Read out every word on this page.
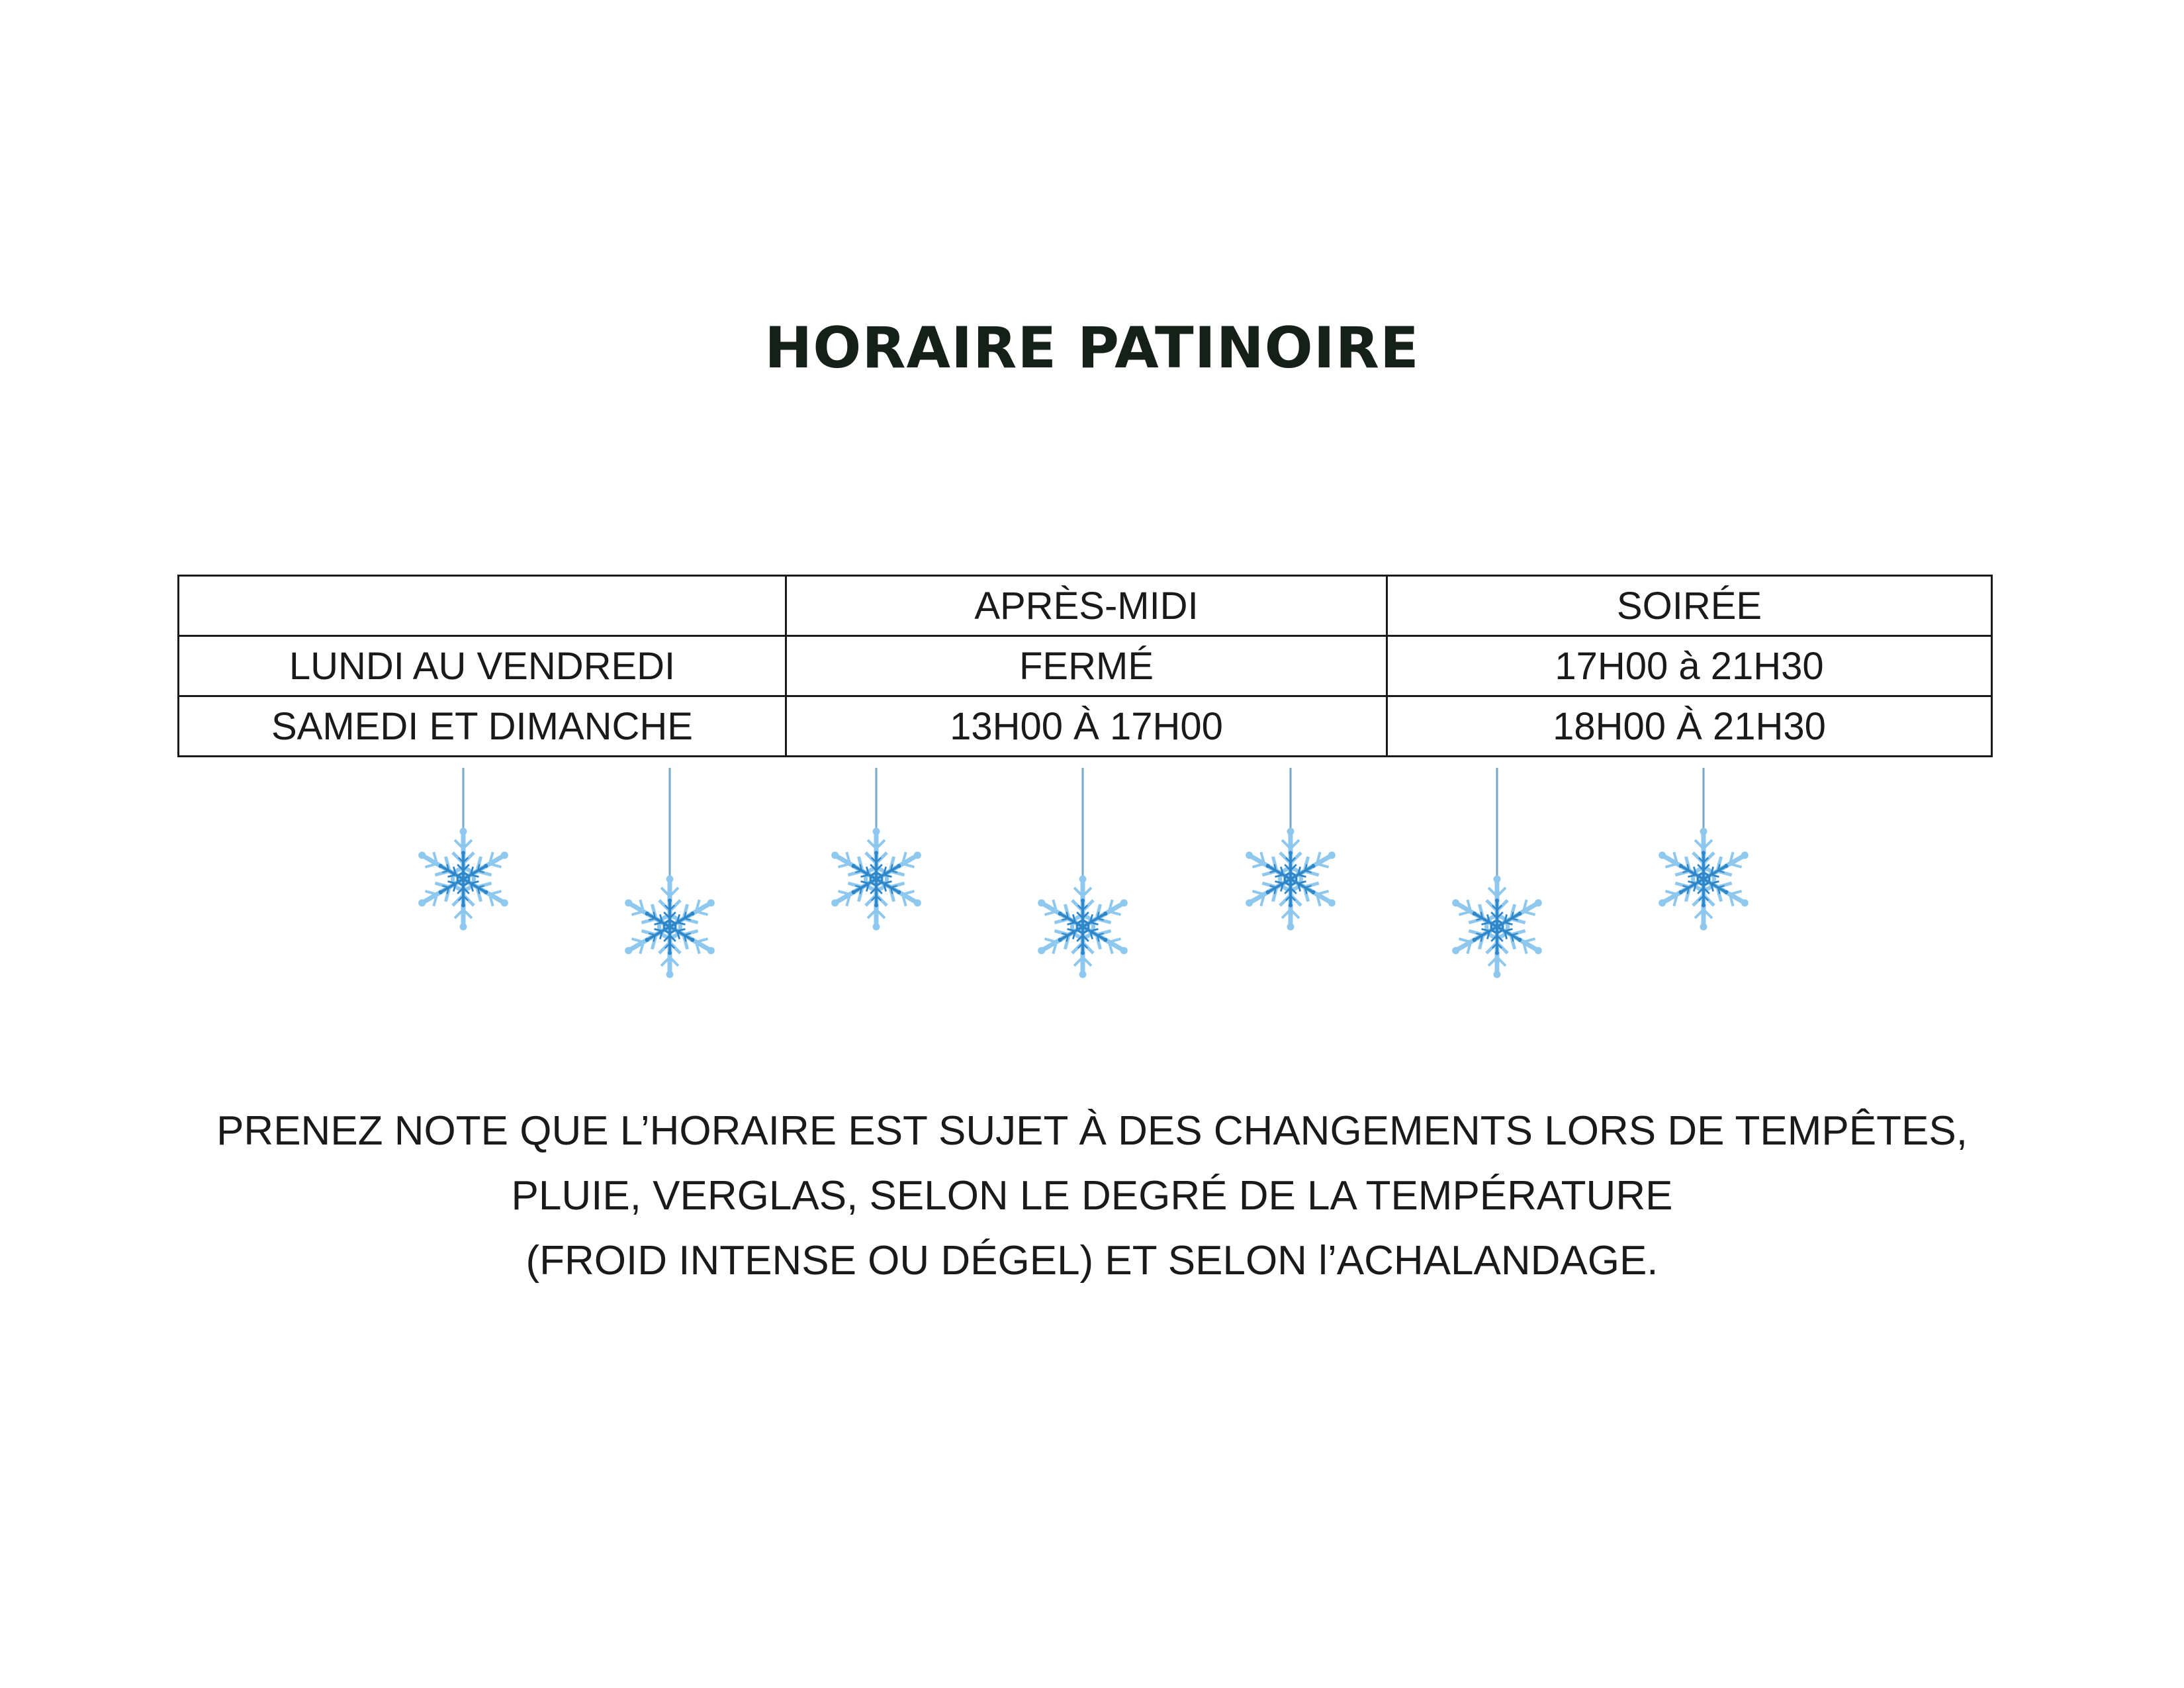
HORAIRE PATINOIRE
	APRÈS-MIDI	SOIRÉE
LUNDI AU VENDREDI	FERMÉ	17H00 à 21H30
SAMEDI ET DIMANCHE	13H00 À 17H00	18H00 À 21H30
PRENEZ NOTE QUE L’HORAIRE EST SUJET À DES CHANGEMENTS LORS DE TEMPÊTES,
PLUIE, VERGLAS, SELON LE DEGRÉ DE LA TEMPÉRATURE
(FROID INTENSE OU DÉGEL) ET SELON l’ACHALANDAGE.
